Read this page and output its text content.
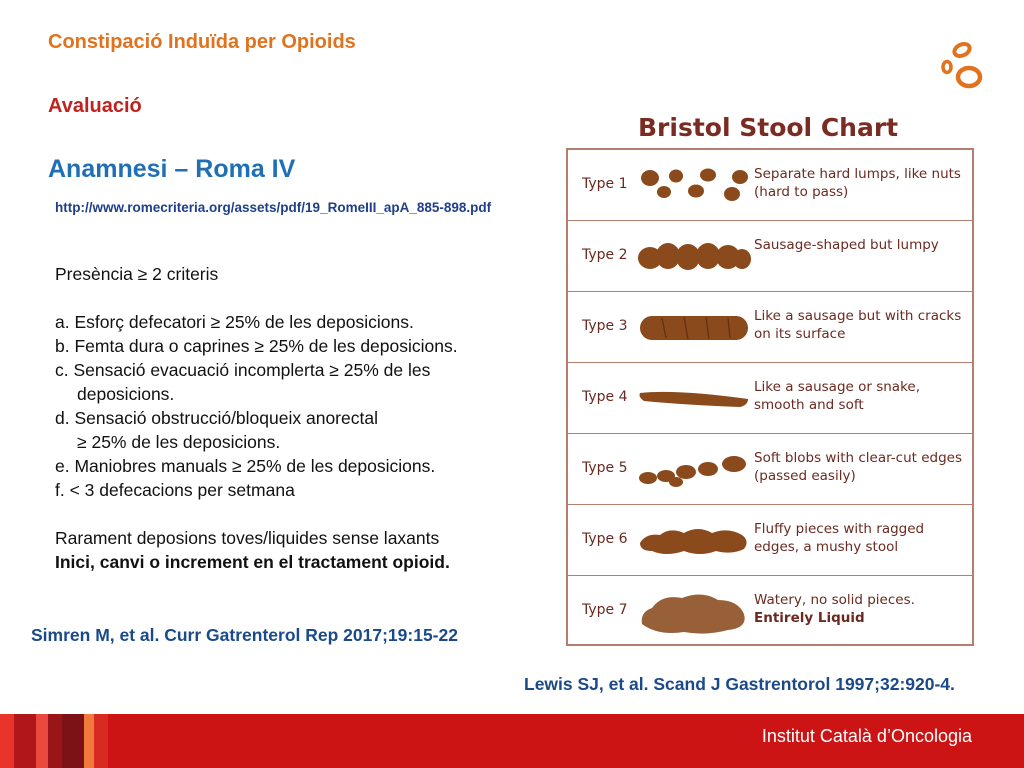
Constipació Induïda per Opioids
Avaluació
Anamnesi – Roma IV
http://www.romecriteria.org/assets/pdf/19_RomeIII_apA_885-898.pdf
Presència ≥ 2 criteris
a. Esforç defecatori ≥ 25% de les deposicions.
b. Femta dura o caprines ≥ 25% de les deposicions.
c. Sensació evacuació incomplerta ≥ 25% de les
deposicions.
d. Sensació obstrucció/bloqueix anorectal
≥ 25% de les deposicions.
e. Maniobres manuals ≥ 25% de les deposicions.
f. < 3 defecacions per setmana
Rarament deposions toves/liquides sense laxants
Inici, canvi o increment en el tractament opioid.
Simren M, et al. Curr Gatrenterol Rep 2017;19:15-22
Lewis SJ, et al. Scand J Gastrentorol 1997;32:920-4.
Bristol Stool Chart
Type 1
Separate hard lumps, like nuts (hard to pass)
Type 2
Sausage-shaped but lumpy
Type 3
Like a sausage but with cracks on its surface
Type 4
Like a sausage or snake, smooth and soft
Type 5
Soft blobs with clear-cut edges (passed easily)
Type 6
Fluffy pieces with ragged edges, a mushy stool
Type 7
Watery, no solid pieces.
Entirely Liquid
Institut Català d’Oncologia
